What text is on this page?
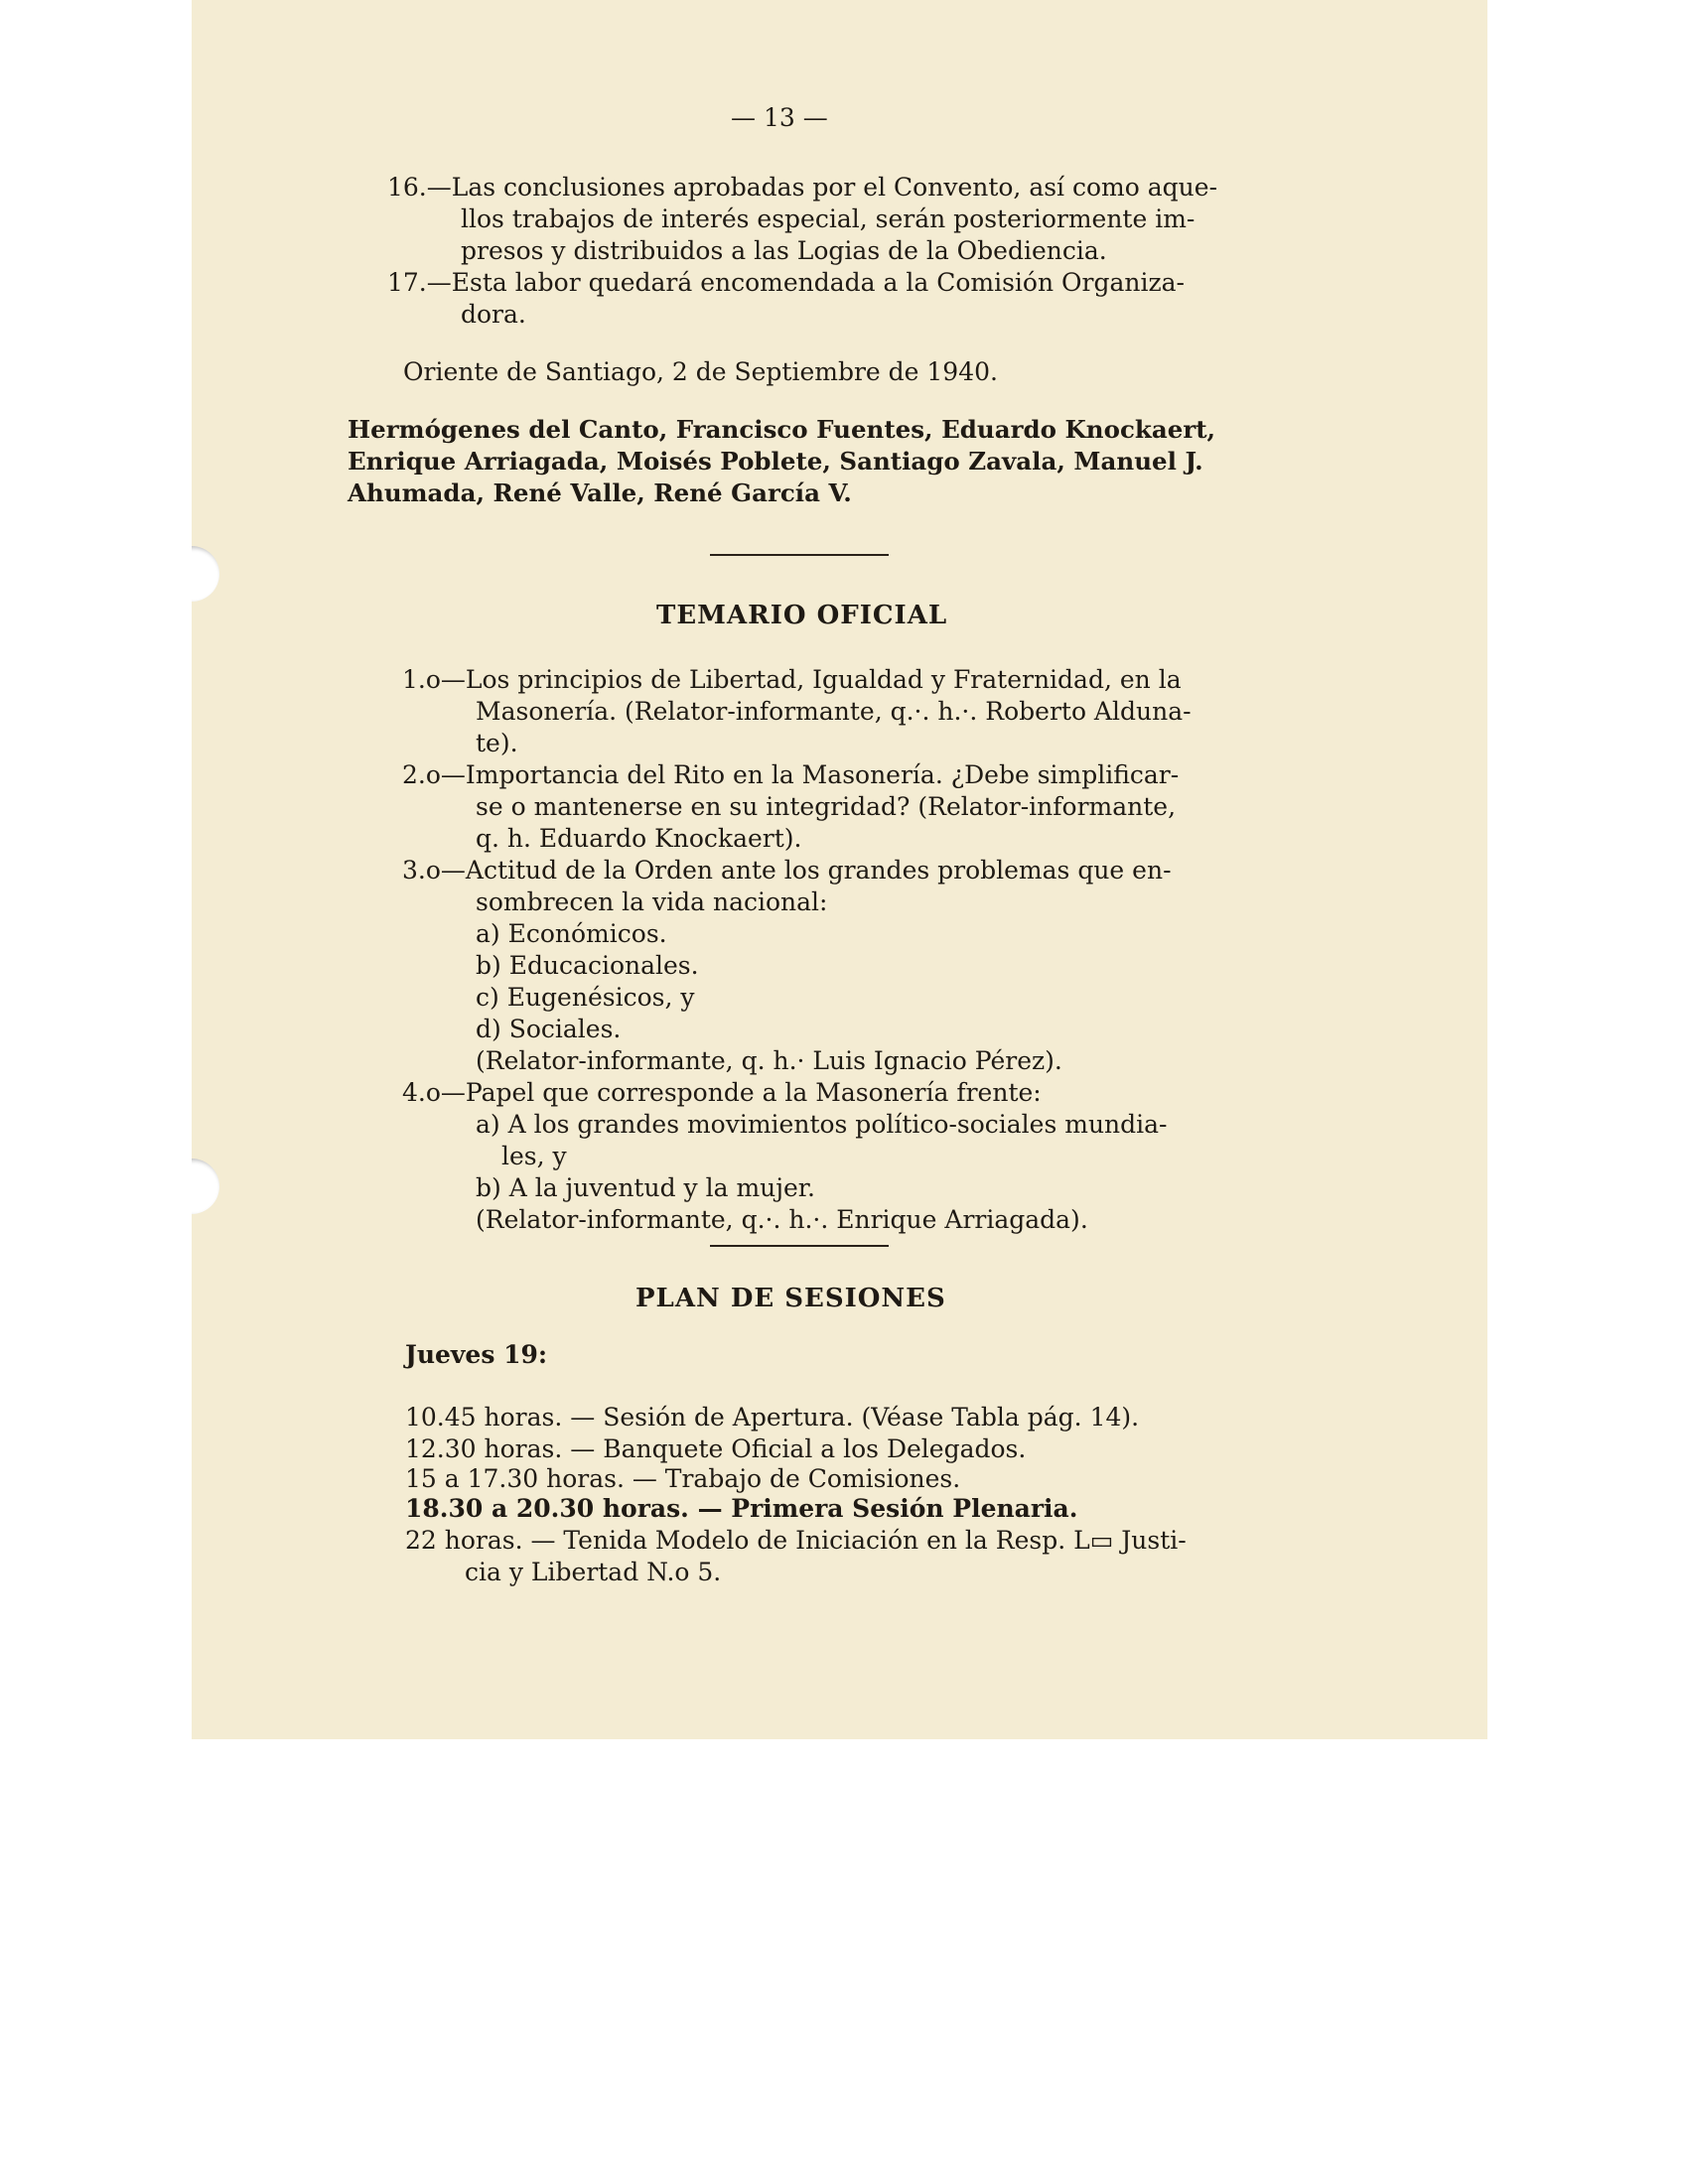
— 13 —
16.—Las conclusiones aprobadas por el Convento, así como aque-
llos trabajos de interés especial, serán posteriormente im-
presos y distribuidos a las Logias de la Obediencia.
17.—Esta labor quedará encomendada a la Comisión Organiza-
dora.
Oriente de Santiago, 2 de Septiembre de 1940.
Hermógenes del Canto, Francisco Fuentes, Eduardo Knockaert,
Enrique Arriagada, Moisés Poblete, Santiago Zavala, Manuel J.
Ahumada, René Valle, René García V.
TEMARIO OFICIAL
1.o—Los principios de Libertad, Igualdad y Fraternidad, en la
Masonería. (Relator-informante, q.·. h.·. Roberto Alduna-
te).
2.o—Importancia del Rito en la Masonería. ¿Debe simplificar-
se o mantenerse en su integridad? (Relator-informante,
q. h. Eduardo Knockaert).
3.o—Actitud de la Orden ante los grandes problemas que en-
sombrecen la vida nacional:
a) Económicos.
b) Educacionales.
c) Eugenésicos, y
d) Sociales.
(Relator-informante, q. h.· Luis Ignacio Pérez).
4.o—Papel que corresponde a la Masonería frente:
a) A los grandes movimientos político-sociales mundia-
les, y
b) A la juventud y la mujer.
(Relator-informante, q.·. h.·. Enrique Arriagada).
PLAN DE SESIONES
Jueves 19:
10.45 horas. — Sesión de Apertura. (Véase Tabla pág. 14).
12.30 horas. — Banquete Oficial a los Delegados.
15 a 17.30 horas. — Trabajo de Comisiones.
18.30 a 20.30 horas. — Primera Sesión Plenaria.
22 horas. — Tenida Modelo de Iniciación en la Resp. L▭ Justi-
cia y Libertad N.o 5.
